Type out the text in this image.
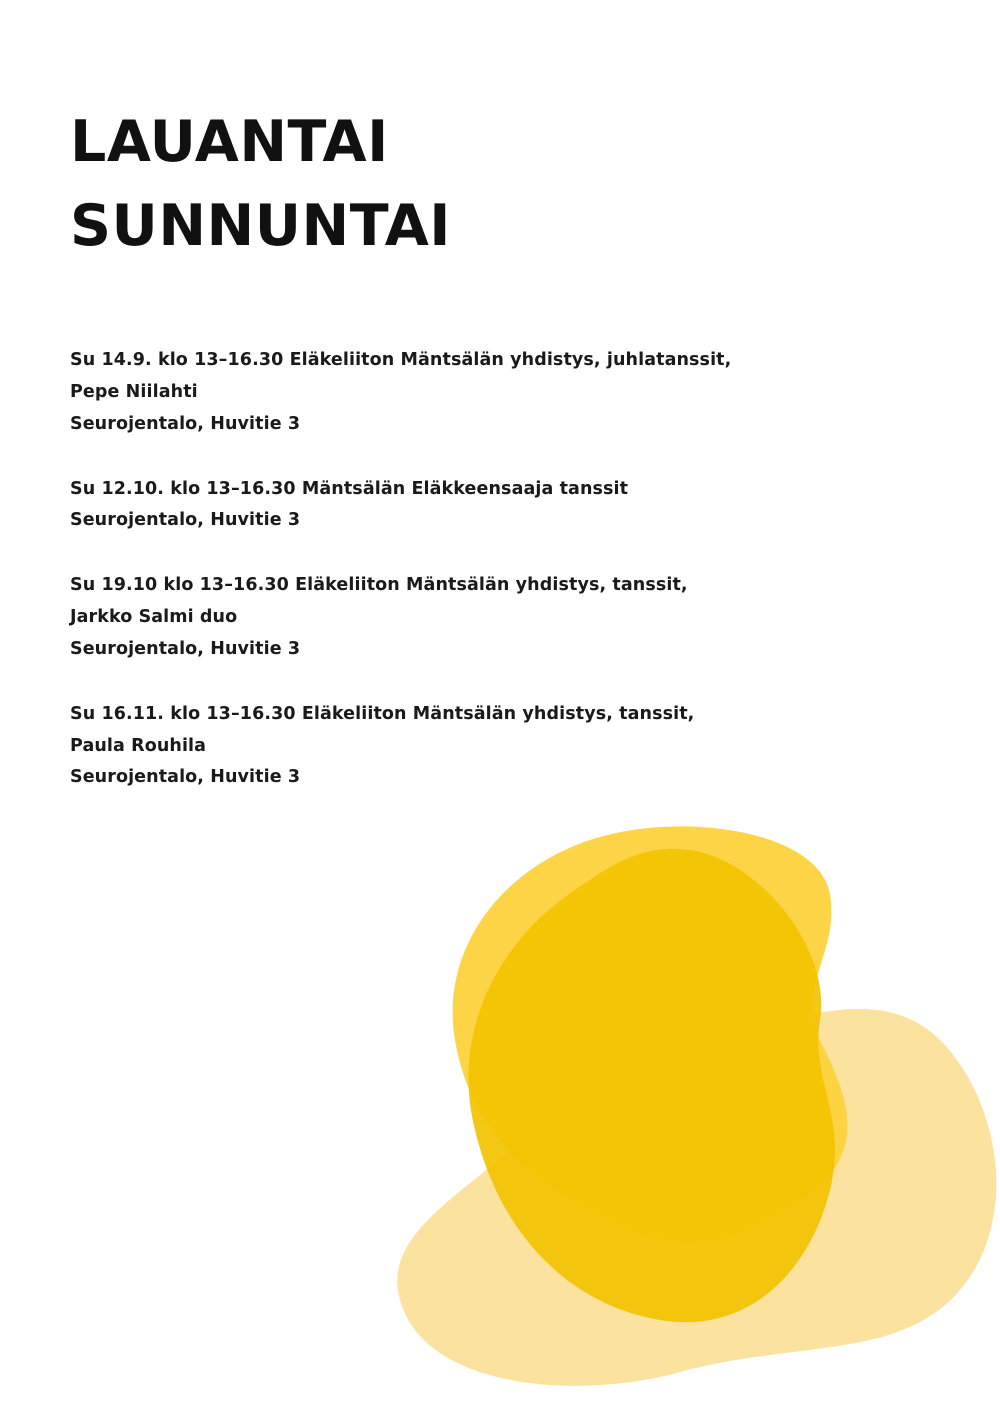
LAUANTAI
SUNNUNTAI
Su 14.9. klo 13–16.30 Eläkeliiton Mäntsälän yhdistys, juhlatanssit,
Pepe Niilahti
Seurojentalo, Huvitie 3
Su 12.10. klo 13–16.30 Mäntsälän Eläkkeensaaja tanssit
Seurojentalo, Huvitie 3
Su 19.10 klo 13–16.30 Eläkeliiton Mäntsälän yhdistys, tanssit,
Jarkko Salmi duo
Seurojentalo, Huvitie 3
Su 16.11. klo 13–16.30 Eläkeliiton Mäntsälän yhdistys, tanssit,
Paula Rouhila
Seurojentalo, Huvitie 3
